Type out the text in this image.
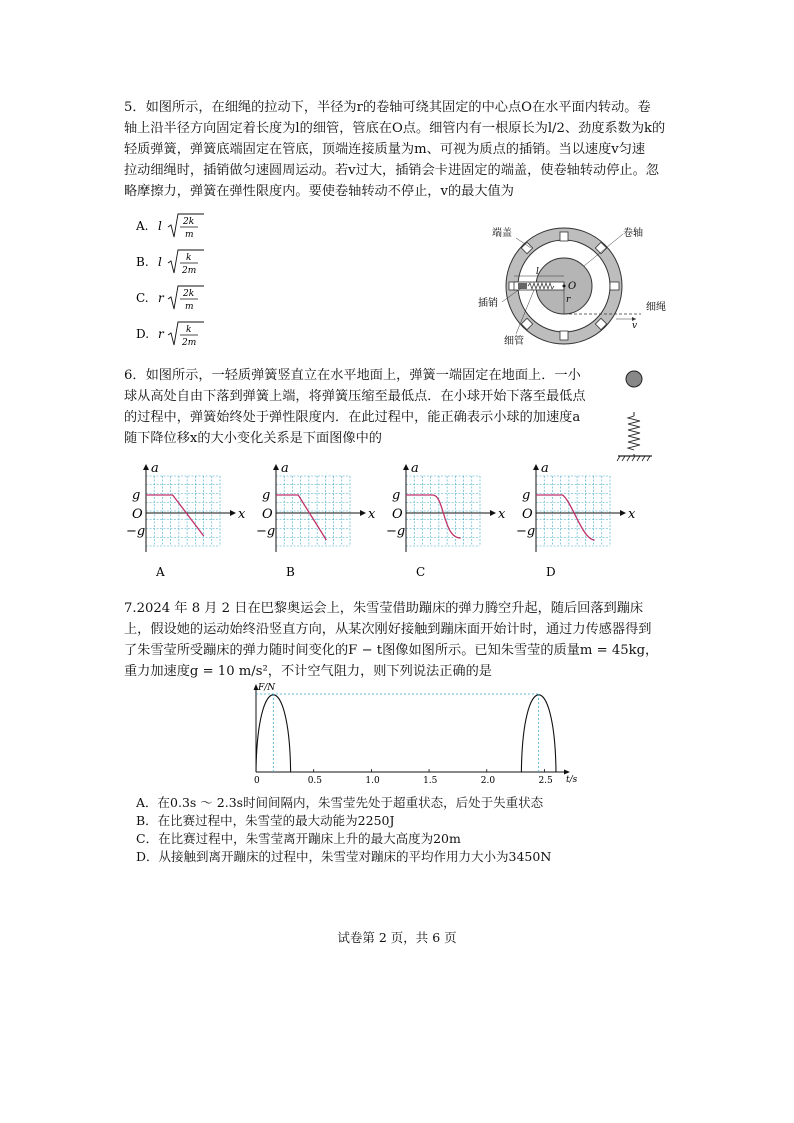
5．如图所示，在细绳的拉动下，半径为r的卷轴可绕其固定的中心点O在水平面内转动。卷
轴上沿半径方向固定着长度为l的细管，管底在O点。细管内有一根原长为l/2、劲度系数为k的
轻质弹簧，弹簧底端固定在管底，顶端连接质量为m、可视为质点的插销。当以速度v匀速
拉动细绳时，插销做匀速圆周运动。若v过大，插销会卡进固定的端盖，使卷轴转动停止。忽
略摩擦力，弹簧在弹性限度内。要使卷轴转动不停止，v的最大值为
A. l 2k
m
B. l	k
2m
C. r 2k
m
D. r k
2m
l
O
r
v
端盖	卷轴
插销
细管
细绳
6．如图所示，一轻质弹簧竖直立在水平地面上，弹簧一端固定在地面上．一小
球从高处自由下落到弹簧上端，将弹簧压缩至最低点．在小球开始下落至最低点
的过程中，弹簧始终处于弹性限度内．在此过程中，能正确表示小球的加速度a
随下降位移x的大小变化关系是下面图像中的
a
x
g
O
−g
A
a
x
g
O
−g
B
a
x
g
O
−g
C
a
x
g
O
−g
D
7.2024 年 8 月 2 日在巴黎奥运会上，朱雪莹借助蹦床的弹力腾空升起，随后回落到蹦床
上，假设她的运动始终沿竖直方向，从某次刚好接触到蹦床面开始计时，通过力传感器得到
了朱雪莹所受蹦床的弹力随时间变化的F − t图像如图所示。已知朱雪莹的质量m = 45kg，
重力加速度g = 10 m/s²，不计空气阻力，则下列说法正确的是
F/N
t/s
0	0.5	1.0	1.5	2.0	2.5
A．在0.3s ～ 2.3s时间间隔内，朱雪莹先处于超重状态，后处于失重状态
B．在比赛过程中，朱雪莹的最大动能为2250J
C．在比赛过程中，朱雪莹离开蹦床上升的最大高度为20m
D．从接触到离开蹦床的过程中，朱雪莹对蹦床的平均作用力大小为3450N
试卷第 2 页，共 6 页
